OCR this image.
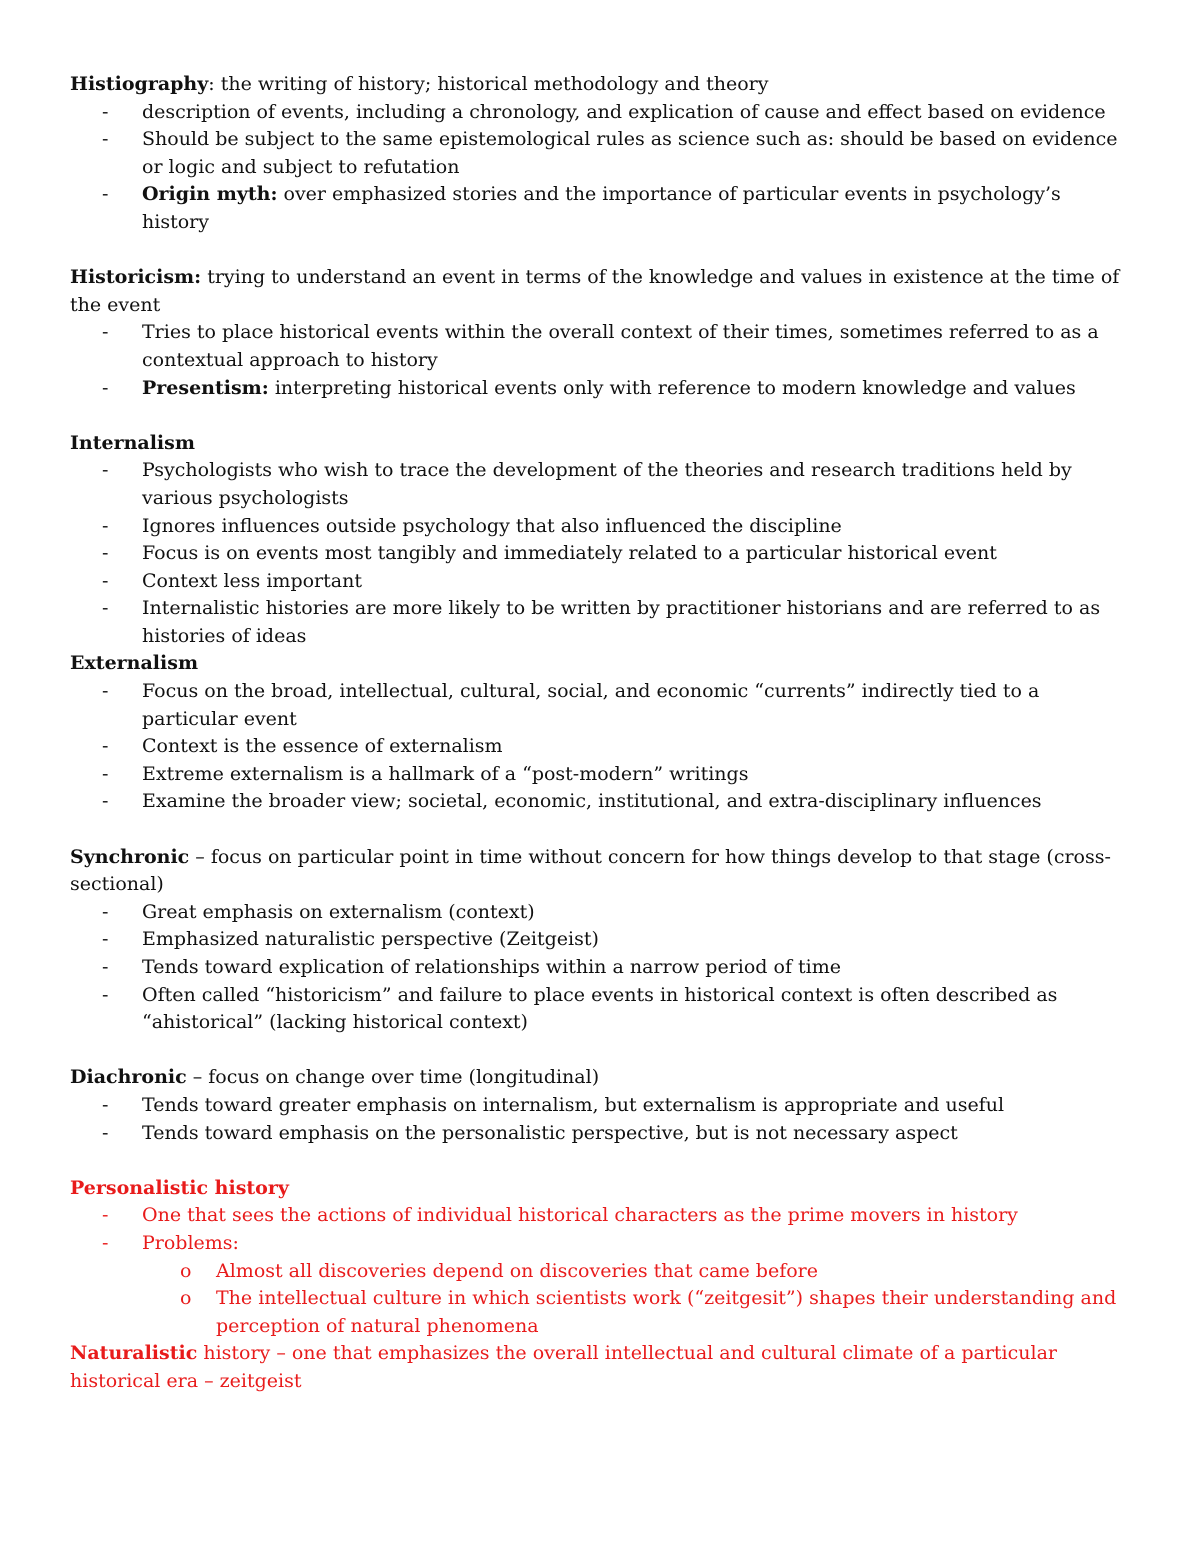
Histiography: the writing of history; historical methodology and theory

- description of events, including a chronology, and explication of cause and effect based on evidence
- Should be subject to the same epistemological rules as science such as: should be based on evidence or logic and subject to refutation
- Origin myth: over emphasized stories and the importance of particular events in psychology’s history

Historicism: trying to understand an event in terms of the knowledge and values in existence at the time of the event

- Tries to place historical events within the overall context of their times, sometimes referred to as a contextual approach to history
- Presentism: interpreting historical events only with reference to modern knowledge and values

Internalism

- Psychologists who wish to trace the development of the theories and research traditions held by various psychologists
- Ignores influences outside psychology that also influenced the discipline
- Focus is on events most tangibly and immediately related to a particular historical event
- Context less important
- Internalistic histories are more likely to be written by practitioner historians and are referred to as histories of ideas

Externalism

- Focus on the broad, intellectual, cultural, social, and economic “currents” indirectly tied to a particular event
- Context is the essence of externalism
- Extreme externalism is a hallmark of a “post-modern” writings
- Examine the broader view; societal, economic, institutional, and extra-disciplinary influences

Synchronic – focus on particular point in time without concern for how things develop to that stage (cross-sectional)

- Great emphasis on externalism (context)
- Emphasized naturalistic perspective (Zeitgeist)
- Tends toward explication of relationships within a narrow period of time
- Often called “historicism” and failure to place events in historical context is often described as “ahistorical” (lacking historical context)

Diachronic – focus on change over time (longitudinal)

- Tends toward greater emphasis on internalism, but externalism is appropriate and useful
- Tends toward emphasis on the personalistic perspective, but is not necessary aspect

Personalistic history

- One that sees the actions of individual historical characters as the prime movers in history
- Problems:
o Almost all discoveries depend on discoveries that came before
o The intellectual culture in which scientists work (“zeitgesit”) shapes their understanding and perception of natural phenomena

Naturalistic history – one that emphasizes the overall intellectual and cultural climate of a particular historical era – zeitgeist
